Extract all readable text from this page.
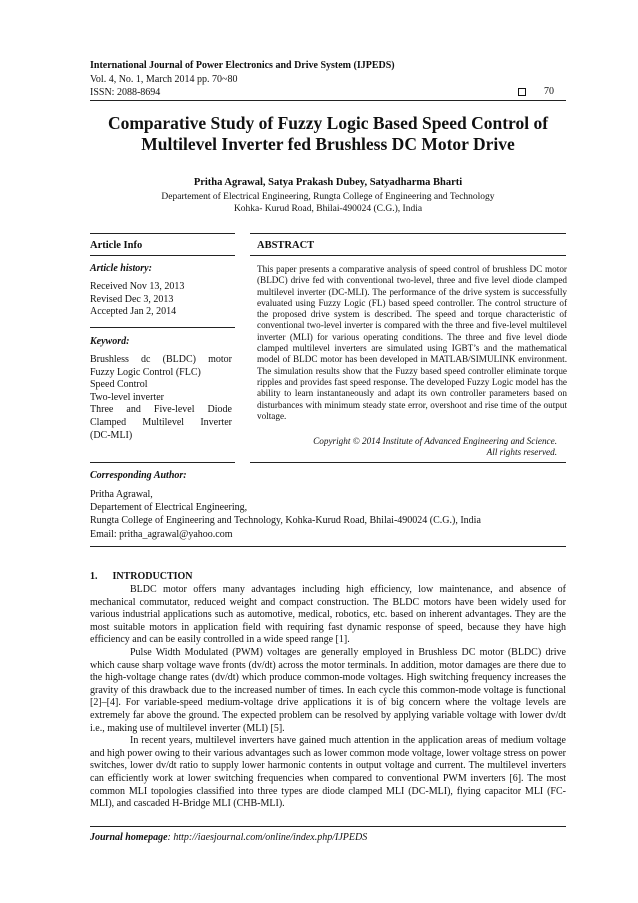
International Journal of Power Electronics and Drive System (IJPEDS)
Vol. 4, No. 1, March 2014 pp. 70~80
ISSN: 2088-8694	70
Comparative Study of Fuzzy Logic Based Speed Control of
Multilevel Inverter fed Brushless DC Motor Drive
Pritha Agrawal, Satya Prakash Dubey, Satyadharma Bharti
Departement of Electrical Engineering, Rungta College of Engineering and Technology
Kohka- Kurud Road, Bhilai-490024 (C.G.), India
Article Info	ABSTRACT
Article history:
Received Nov 13, 2013
Revised Dec 3, 2013
Accepted Jan 2, 2014
Keyword:
Brushless dc (BLDC) motor
Fuzzy Logic Control (FLC)
Speed Control
Two-level inverter
Three and Five-level Diode
Clamped Multilevel Inverter
(DC-MLI)
This paper presents a comparative analysis of speed control of brushless DC motor (BLDC) drive fed with conventional two-level, three and five level diode clamped multilevel inverter (DC-MLI). The performance of the drive system is successfully evaluated using Fuzzy Logic (FL) based speed controller. The control structure of the proposed drive system is described. The speed and torque characteristic of conventional two-level inverter is compared with the three and five-level multilevel inverter (MLI) for various operating conditions. The three and five level diode clamped multilevel inverters are simulated using IGBT’s and the mathematical model of BLDC motor has been developed in MATLAB/SIMULINK environment. The simulation results show that the Fuzzy based speed controller eliminate torque ripples and provides fast speed response. The developed Fuzzy Logic model has the ability to learn instantaneously and adapt its own controller parameters based on disturbances with minimum steady state error, overshoot and rise time of the output voltage.
Copyright © 2014 Institute of Advanced Engineering and Science.
All rights reserved.
Corresponding Author:
Pritha Agrawal,
Departement of Electrical Engineering,
Rungta College of Engineering and Technology, Kohka-Kurud Road, Bhilai-490024 (C.G.), India
Email: pritha_agrawal@yahoo.com
1.      INTRODUCTION

BLDC motor offers many advantages including high efficiency, low maintenance, and absence of mechanical commutator, reduced weight and compact construction. The BLDC motors have been widely used for various industrial applications such as automotive, medical, robotics, etc. based on inherent advantages. They are the most suitable motors in application field with requiring fast dynamic response of speed, because they have high efficiency and can be easily controlled in a wide speed range [1].

Pulse Width Modulated (PWM) voltages are generally employed in Brushless DC motor (BLDC) drive which cause sharp voltage wave fronts (dv/dt) across the motor terminals. In addition, motor damages are there due to the high-voltage change rates (dv/dt) which produce common-mode voltages. High switching frequency increases the gravity of this drawback due to the increased number of times. In each cycle this common-mode voltage is functional [2]–[4]. For variable-speed medium-voltage drive applications it is of big concern where the voltage levels are extremely far above the ground. The expected problem can be resolved by applying variable voltage with lower dv/dt i.e., making use of multilevel inverter (MLI) [5].

In recent years, multilevel inverters have gained much attention in the application areas of medium voltage and high power owing to their various advantages such as lower common mode voltage, lower voltage stress on power switches, lower dv/dt ratio to supply lower harmonic contents in output voltage and current. The multilevel inverters can efficiently work at lower switching frequencies when compared to conventional PWM inverters [6]. The most common MLI topologies classified into three types are diode clamped MLI (DC-MLI), flying capacitor MLI (FC-MLI), and cascaded H-Bridge MLI (CHB-MLI).

Journal homepage: http://iaesjournal.com/online/index.php/IJPEDS
